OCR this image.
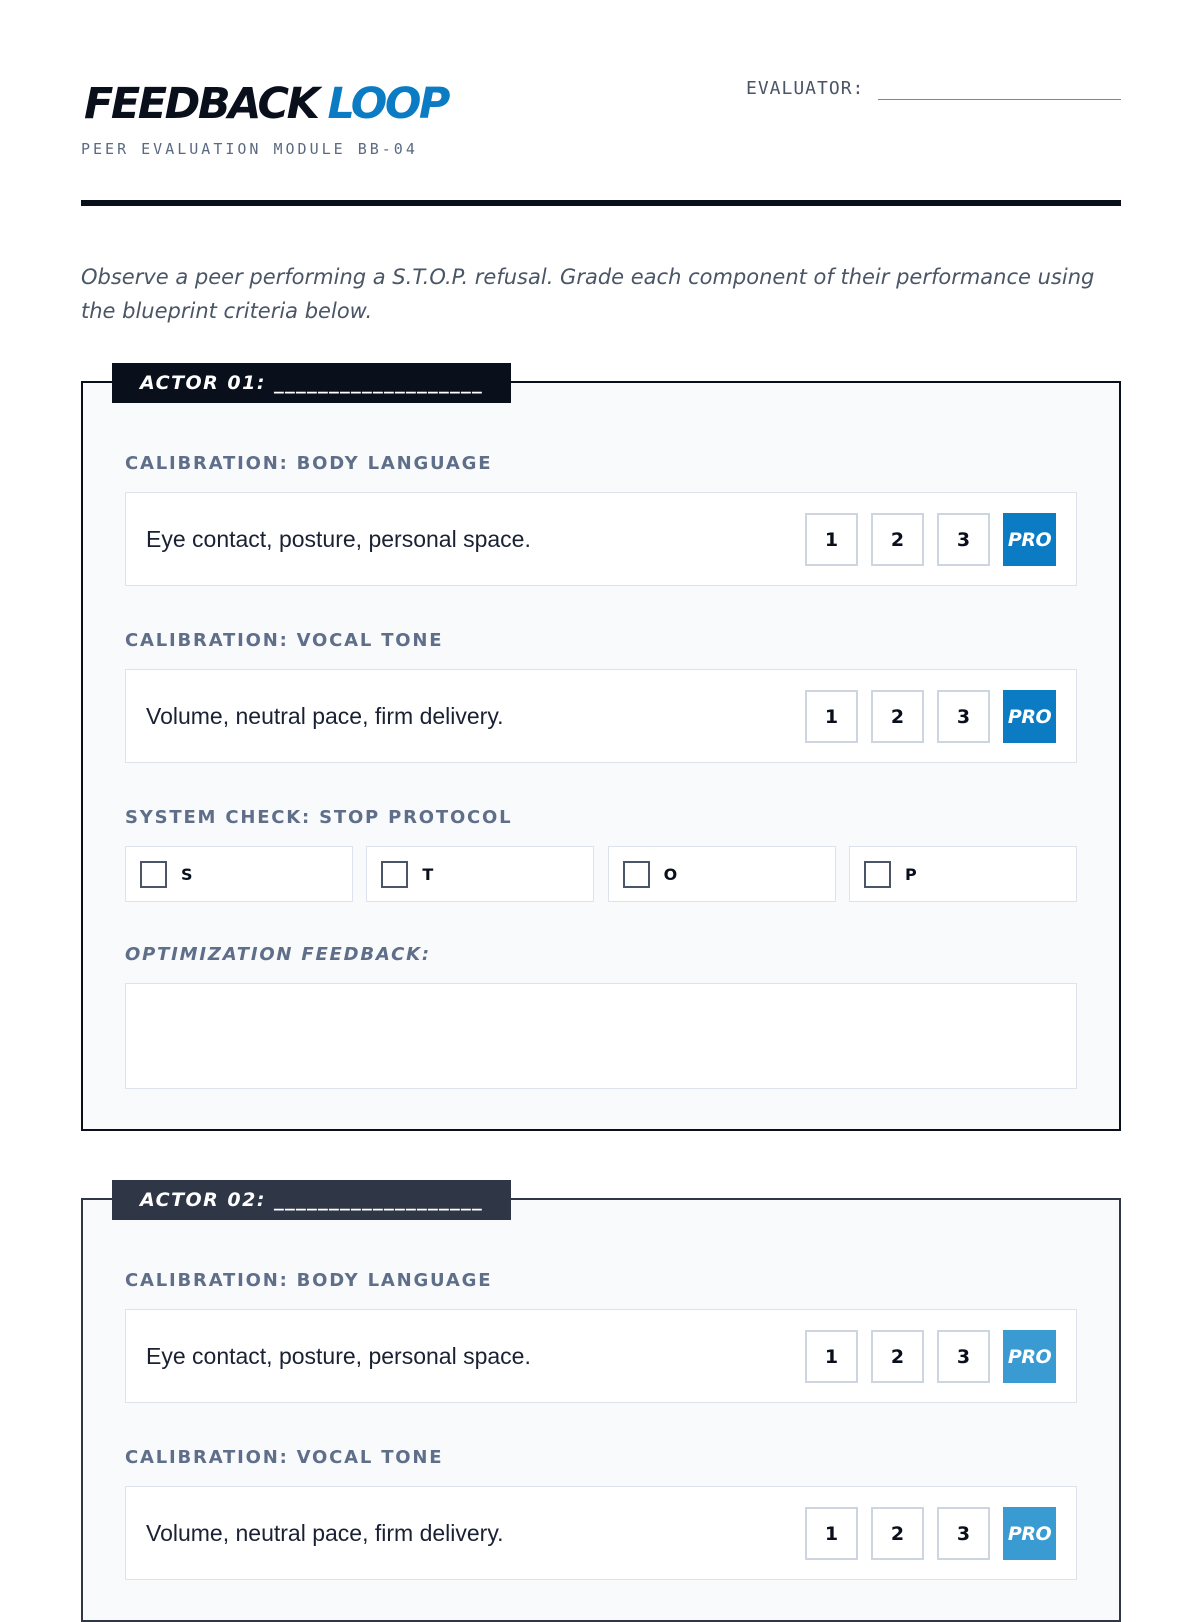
FEEDBACK LOOP
PEER EVALUATION MODULE BB-04
EVALUATOR:

Observe a peer performing a S.T.O.P. refusal. Grade each component of their performance using the blueprint criteria below.

ACTOR 01: ___________________
CALIBRATION: BODY LANGUAGE
Eye contact, posture, personal space.	1	2	3	PRO
CALIBRATION: VOCAL TONE
Volume, neutral pace, firm delivery.	1	2	3	PRO
SYSTEM CHECK: STOP PROTOCOL
S	T	O	P
OPTIMIZATION FEEDBACK:
ACTOR 02: ___________________
CALIBRATION: BODY LANGUAGE
Eye contact, posture, personal space.	1	2	3	PRO
CALIBRATION: VOCAL TONE
Volume, neutral pace, firm delivery.	1	2	3	PRO
